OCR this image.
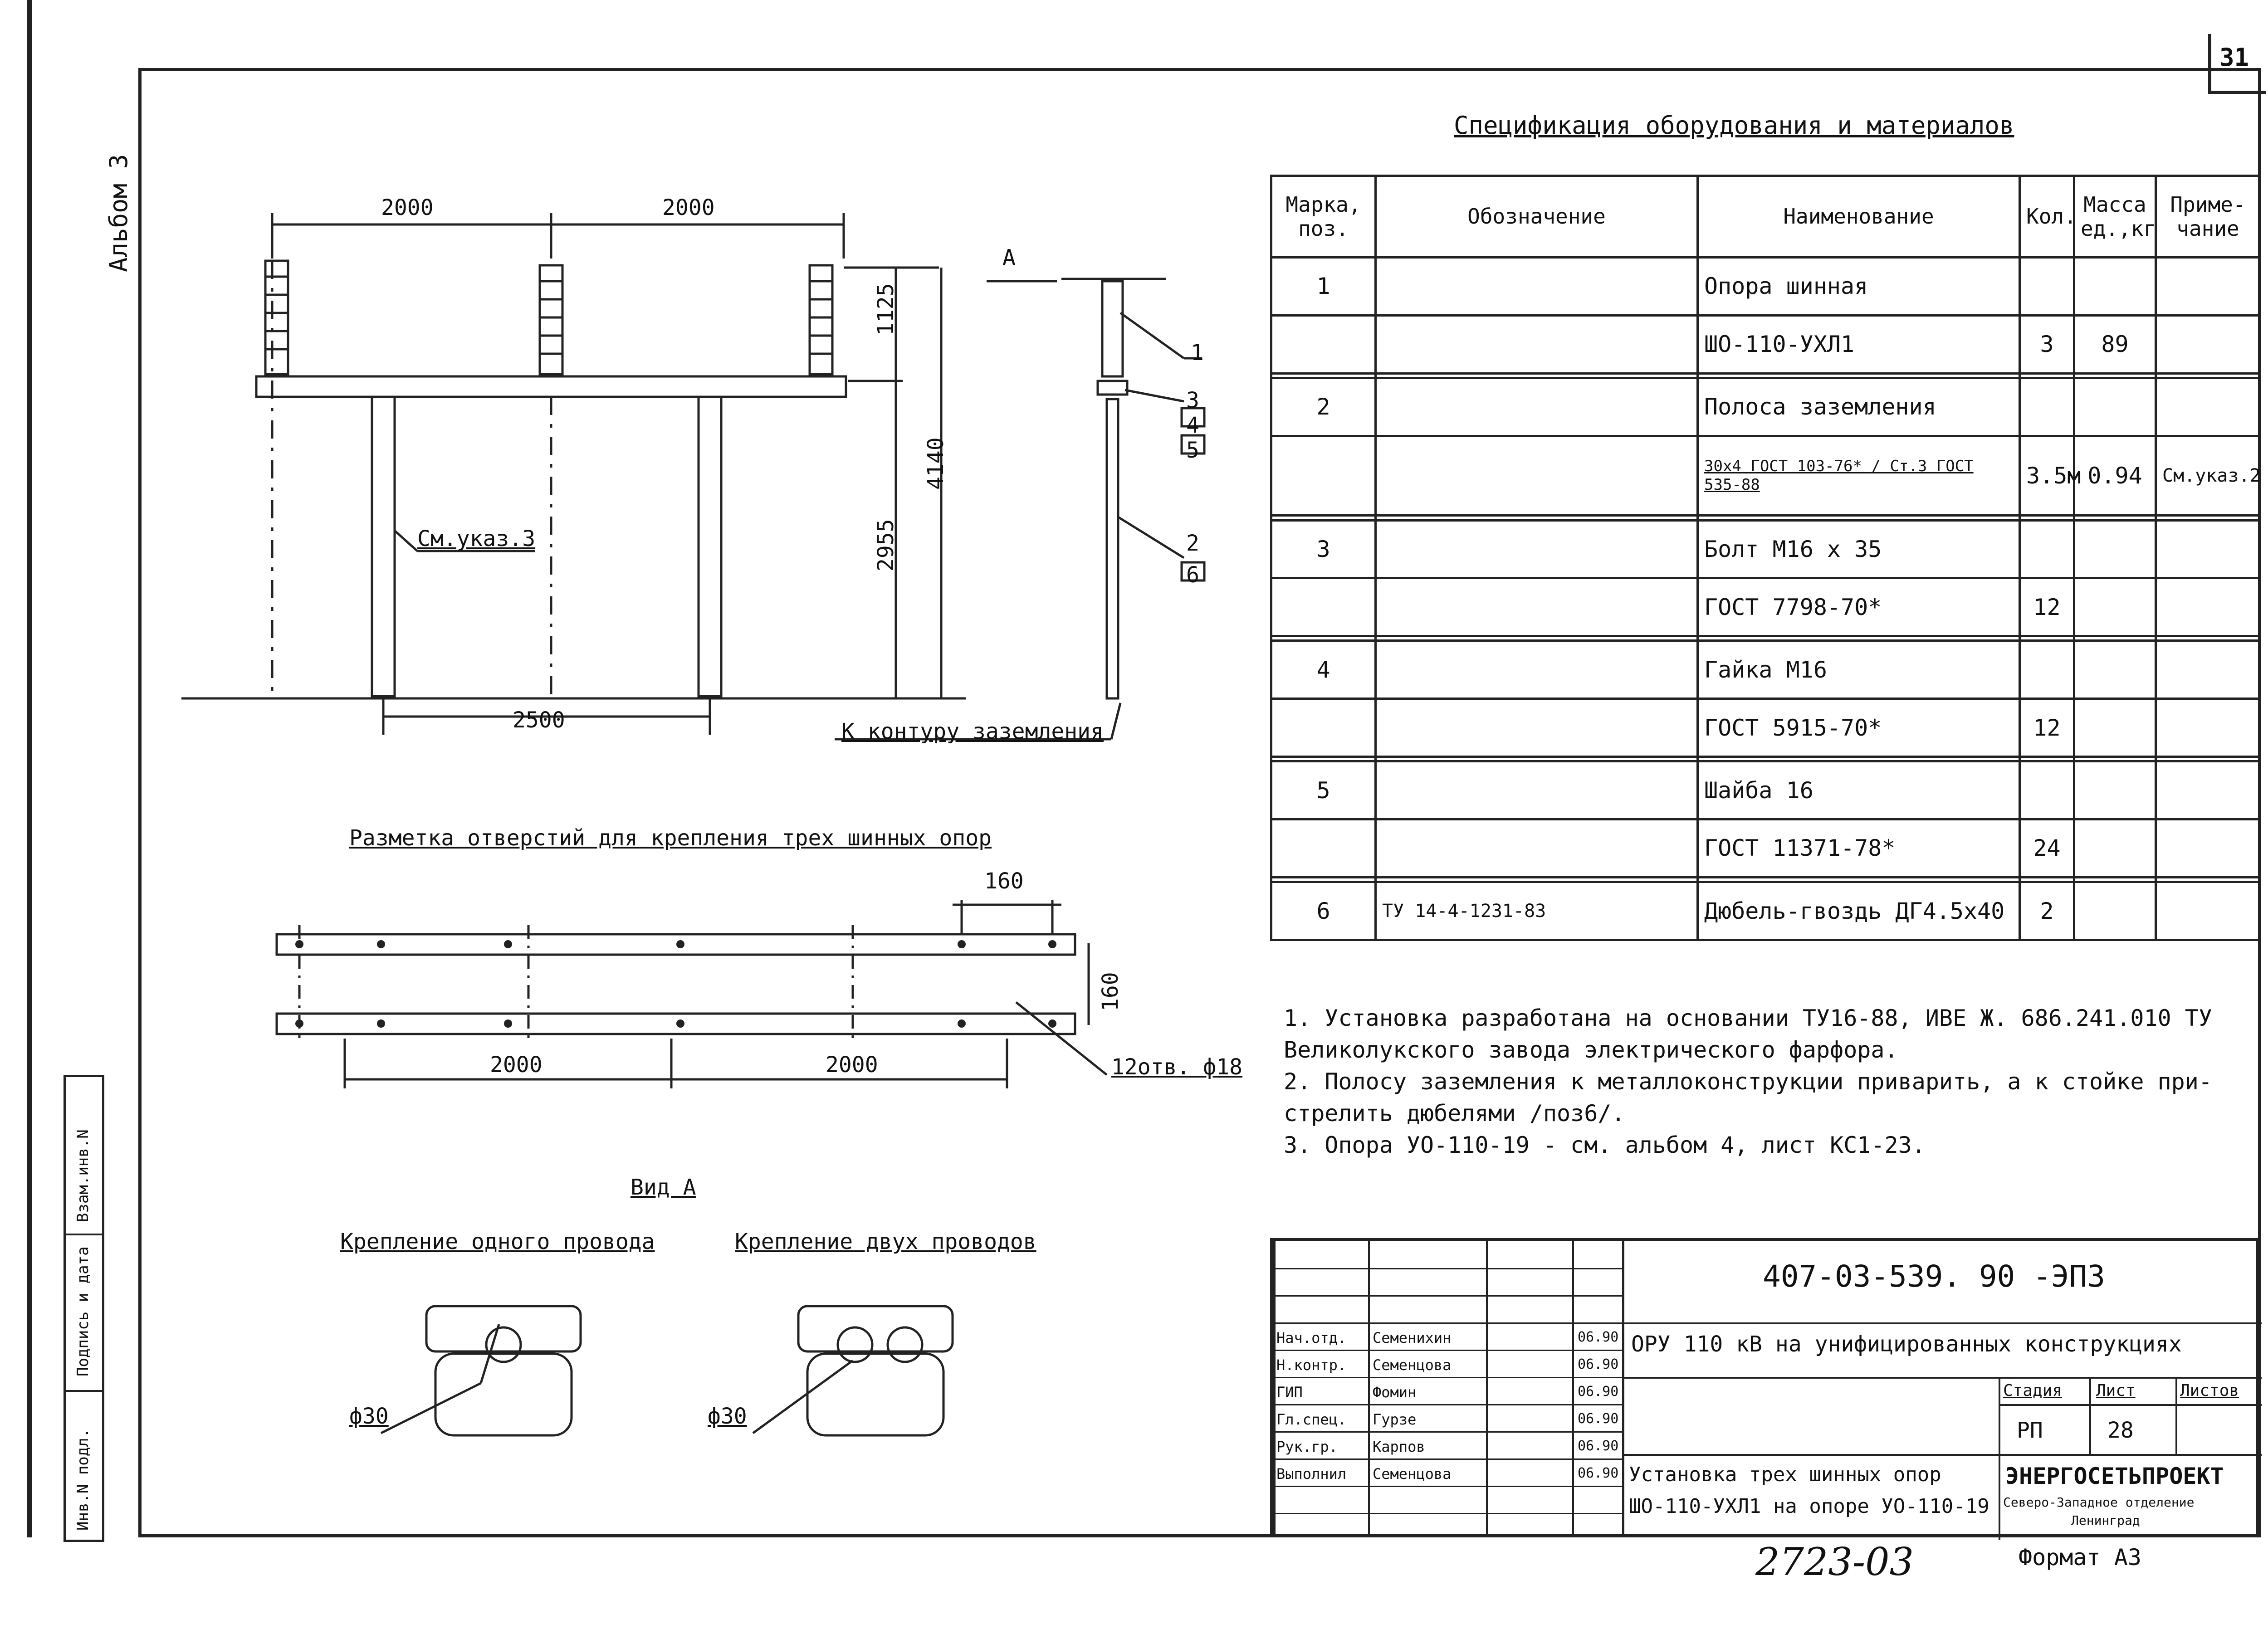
31
Альбом 3
Инв.N подл.
Подпись и дата
Взам.инв.N
2000	2000
1125
4140
2955
2500
См.указ.3
К контуру заземления
А
1
2
3
4
5
6
Разметка отверстий для крепления трех шинных опор
160
160
2000	2000	12отв. ф18
Вид А
Крепление одного провода	Крепление двух проводов
ф30	ф30
Спецификация оборудования и материалов
Марка, поз.	Обозначение	Наименование	Кол.	Масса ед.,кг	Приме- чание
1		Опора шинная			
		ШО-110-УХЛ1	3	89	

2		Полоса заземления			
		30х4 ГОСТ 103-76* / Ст.3 ГОСТ 535-88	3.5м	0.94	См.указ.2

3		Болт М16 х 35			
		ГОСТ 7798-70*	12		

4		Гайка М16			
		ГОСТ 5915-70*	12		

5		Шайба 16			
		ГОСТ 11371-78*	24		

6	ТУ 14-4-1231-83	Дюбель-гвоздь ДГ4.5х40	2		
1. Установка разработана на основании ТУ16-88, ИВЕ Ж. 686.241.010 ТУ
Великолукского завода электрического фарфора.
2. Полосу заземления к металлоконструкции приварить, а к стойке при-
стрелить дюбелями /поз6/.
3. Опора УО-110-19 - см. альбом 4, лист КС1-23.
407-03-539. 90 -ЭП3
ОРУ 110 кВ на унифицированных конструкциях
Установка трех шинных опор
ШО-110-УХЛ1 на опоре УО-110-19
Стадия Лист	Листов
РП	28
ЭНЕРГОСЕТЬПРОЕКТ
Северо-Западное отделение
Ленинград
Нач.отд. Семенихин	06.90
Н.контр. Семенцова	06.90
ГИП	Фомин	06.90
Гл.спец. Гурзе	06.90
Рук.гр. Карпов	06.90
Выполнил Семенцова	06.90
2723-03	Формат А3
